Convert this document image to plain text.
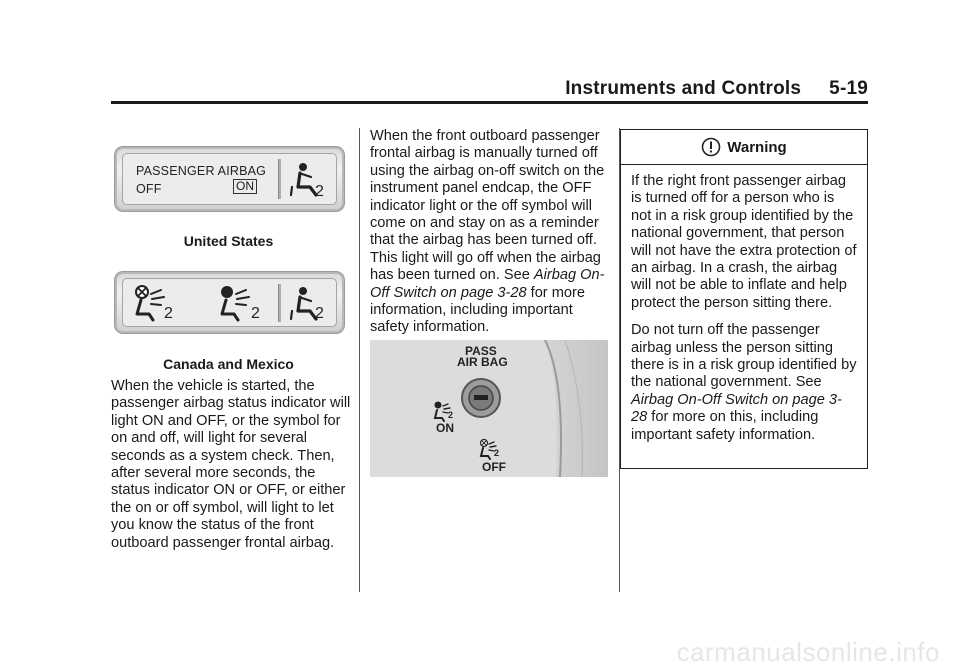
Instruments and Controls 5-19
PASSENGER AIRBAG
OFF	ON	2
United States
2	2	2
Canada and Mexico

When the vehicle is started, the passenger airbag status indicator will light ON and OFF, or the symbol for on and off, will light for several seconds as a system check. Then, after several more seconds, the status indicator ON or OFF, or either the on or off symbol, will light to let you know the status of the front outboard passenger frontal airbag.

When the front outboard passenger frontal airbag is manually turned off using the airbag on-off switch on the instrument panel endcap, the OFF indicator light or the off symbol will come on and stay on as a reminder that the airbag has been turned off. This light will go off when the airbag has been turned on. See Airbag On-Off Switch on page 3-28 for more information, including important safety information.

PASS
AIR BAG
2
ON
2
OFF
Warning

If the right front passenger airbag is turned off for a person who is not in a risk group identified by the national government, that person will not have the extra protection of an airbag. In a crash, the airbag will not be able to inflate and help protect the person sitting there.

Do not turn off the passenger airbag unless the person sitting there is in a risk group identified by the national government. See Airbag On-Off Switch on page 3-28 for more on this, including important safety information.

carmanualsonline.info
